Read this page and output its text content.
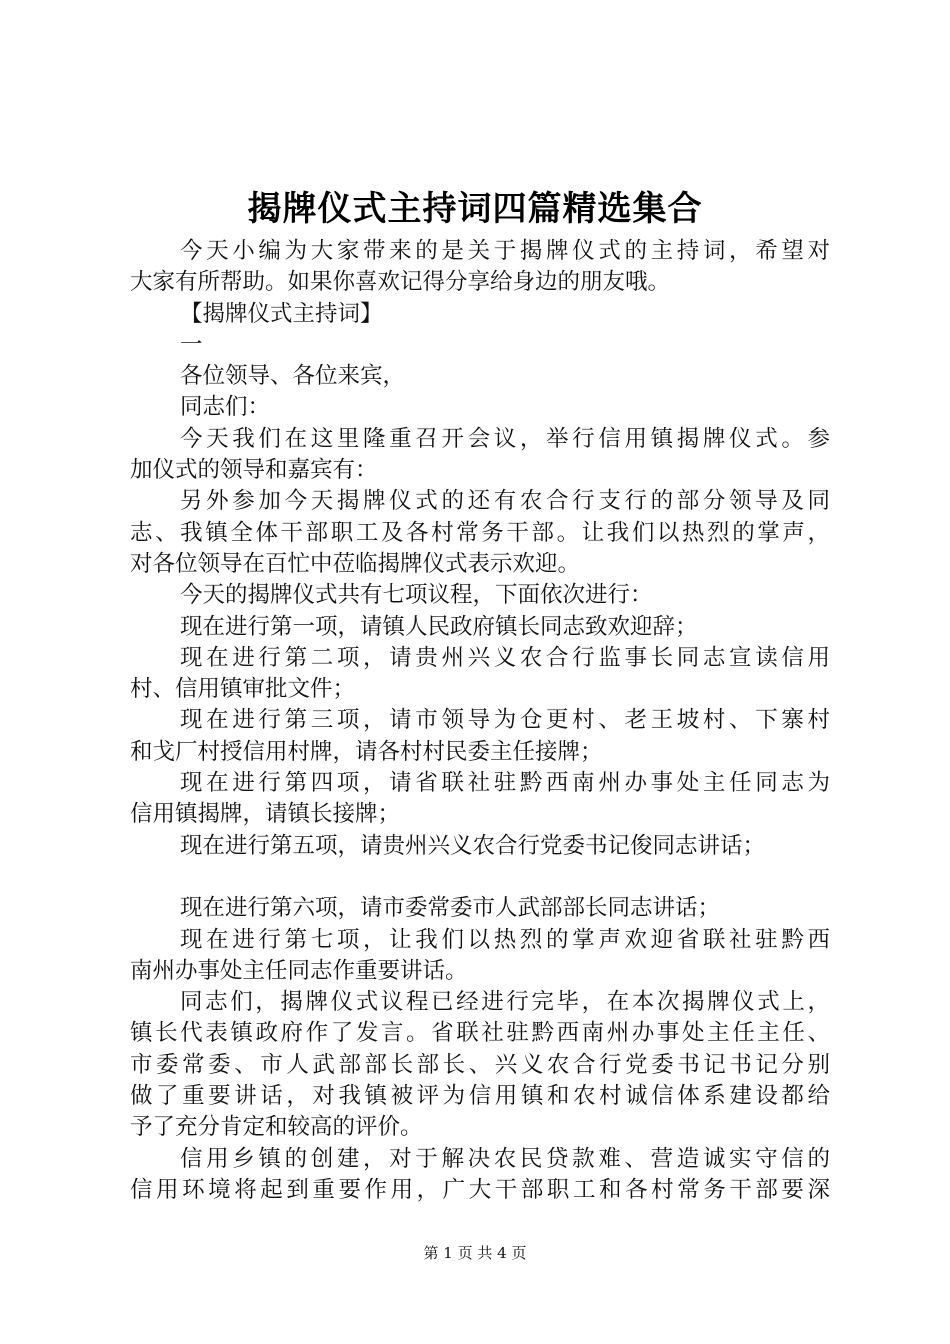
揭牌仪式主持词四篇精选集合
今天小编为大家带来的是关于揭牌仪式的主持词，希望对
大家有所帮助。如果你喜欢记得分享给身边的朋友哦。
【揭牌仪式主持词】
一
各位领导、各位来宾，
同志们：
今天我们在这里隆重召开会议，举行信用镇揭牌仪式。参
加仪式的领导和嘉宾有：
另外参加今天揭牌仪式的还有农合行支行的部分领导及同
志、我镇全体干部职工及各村常务干部。让我们以热烈的掌声，
对各位领导在百忙中莅临揭牌仪式表示欢迎。
今天的揭牌仪式共有七项议程，下面依次进行：
现在进行第一项，请镇人民政府镇长同志致欢迎辞；
现在进行第二项，请贵州兴义农合行监事长同志宣读信用
村、信用镇审批文件；
现在进行第三项，请市领导为仓更村、老王坡村、下寨村
和戈厂村授信用村牌，请各村村民委主任接牌；
现在进行第四项，请省联社驻黔西南州办事处主任同志为
信用镇揭牌，请镇长接牌；
现在进行第五项，请贵州兴义农合行党委书记俊同志讲话；
现在进行第六项，请市委常委市人武部部长同志讲话；
现在进行第七项，让我们以热烈的掌声欢迎省联社驻黔西
南州办事处主任同志作重要讲话。
同志们，揭牌仪式议程已经进行完毕，在本次揭牌仪式上，
镇长代表镇政府作了发言。省联社驻黔西南州办事处主任主任、
市委常委、市人武部部长部长、兴义农合行党委书记书记分别
做了重要讲话，对我镇被评为信用镇和农村诚信体系建设都给
予了充分肯定和较高的评价。
信用乡镇的创建，对于解决农民贷款难、营造诚实守信的
信用环境将起到重要作用，广大干部职工和各村常务干部要深
第 1 页 共 4 页
